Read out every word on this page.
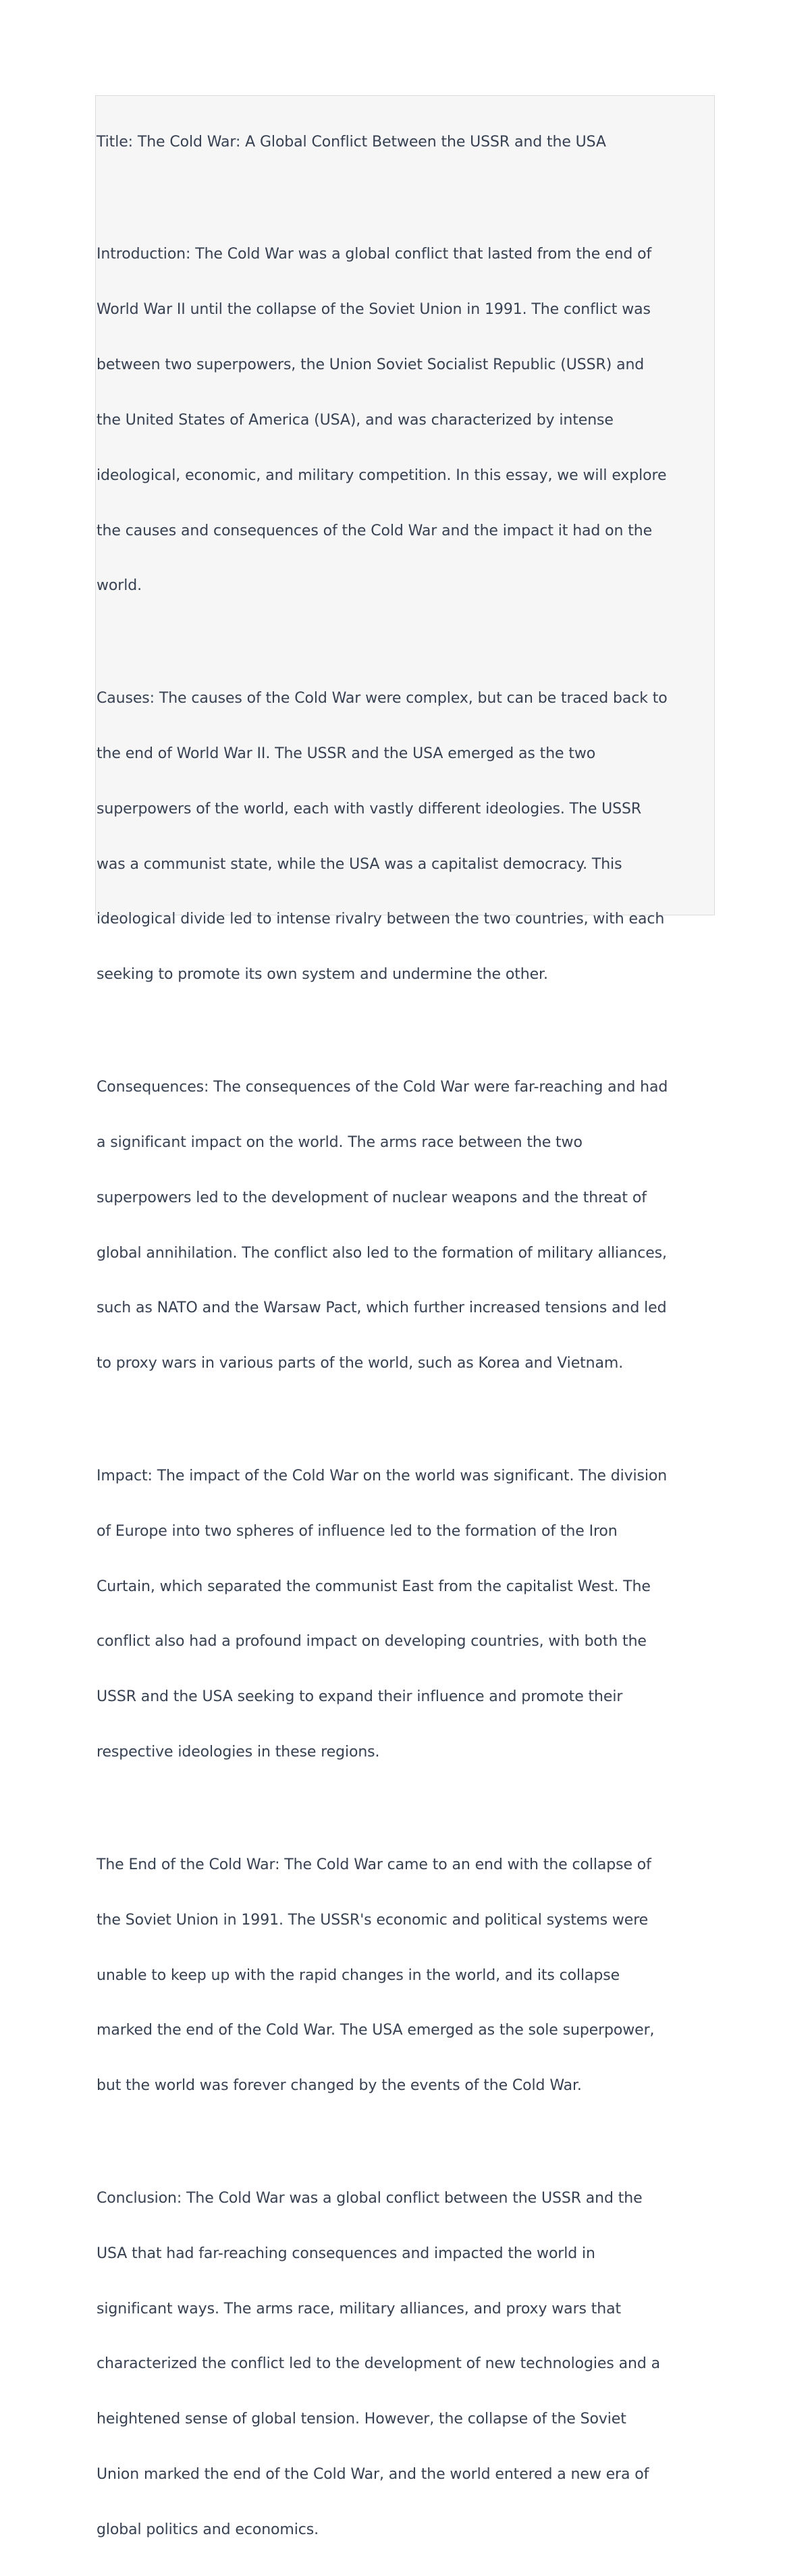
Title: The Cold War: A Global Conflict Between the USSR and the USA

Introduction: The Cold War was a global conflict that lasted from the end of

World War II until the collapse of the Soviet Union in 1991. The conflict was

between two superpowers, the Union Soviet Socialist Republic (USSR) and

the United States of America (USA), and was characterized by intense

ideological, economic, and military competition. In this essay, we will explore

the causes and consequences of the Cold War and the impact it had on the

world.

Causes: The causes of the Cold War were complex, but can be traced back to

the end of World War II. The USSR and the USA emerged as the two

superpowers of the world, each with vastly different ideologies. The USSR

was a communist state, while the USA was a capitalist democracy. This

ideological divide led to intense rivalry between the two countries, with each

seeking to promote its own system and undermine the other.

Consequences: The consequences of the Cold War were far-reaching and had

a significant impact on the world. The arms race between the two

superpowers led to the development of nuclear weapons and the threat of

global annihilation. The conflict also led to the formation of military alliances,

such as NATO and the Warsaw Pact, which further increased tensions and led

to proxy wars in various parts of the world, such as Korea and Vietnam.

Impact: The impact of the Cold War on the world was significant. The division

of Europe into two spheres of influence led to the formation of the Iron

Curtain, which separated the communist East from the capitalist West. The

conflict also had a profound impact on developing countries, with both the

USSR and the USA seeking to expand their influence and promote their

respective ideologies in these regions.

The End of the Cold War: The Cold War came to an end with the collapse of

the Soviet Union in 1991. The USSR's economic and political systems were

unable to keep up with the rapid changes in the world, and its collapse

marked the end of the Cold War. The USA emerged as the sole superpower,

but the world was forever changed by the events of the Cold War.

Conclusion: The Cold War was a global conflict between the USSR and the

USA that had far-reaching consequences and impacted the world in

significant ways. The arms race, military alliances, and proxy wars that

characterized the conflict led to the development of new technologies and a

heightened sense of global tension. However, the collapse of the Soviet

Union marked the end of the Cold War, and the world entered a new era of

global politics and economics.
